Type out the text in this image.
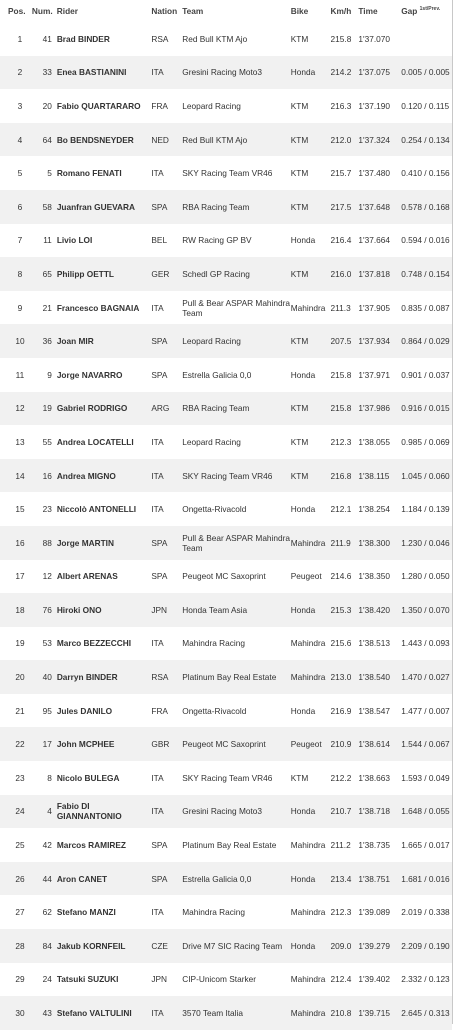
Pos. Num. Rider	Nation Team	Bike	Km/h Time	Gap $^{1st/Prev.}$
1	41 Brad BINDER	RSA	Red Bull KTM Ajo	KTM	215.8 1'37.070
2	33 Enea BASTIANINI	ITA	Gresini Racing Moto3	Honda	214.2 1'37.075	0.005 / 0.005
3	20 Fabio QUARTARARO	FRA	Leopard Racing	KTM	216.3 1'37.190	0.120 / 0.115
4	64 Bo BENDSNEYDER	NED	Red Bull KTM Ajo	KTM	212.0 1'37.324	0.254 / 0.134
5	5 Romano FENATI	ITA	SKY Racing Team VR46	KTM	215.7 1'37.480	0.410 / 0.156
6	58 Juanfran GUEVARA	SPA	RBA Racing Team	KTM	217.5 1'37.648	0.578 / 0.168
7	11 Livio LOI	BEL	RW Racing GP BV	Honda	216.4 1'37.664	0.594 / 0.016
8	65 Philipp OETTL	GER	Schedl GP Racing	KTM	216.0 1'37.818	0.748 / 0.154
9	21 Francesco BAGNAIA	ITA	Pull & Bear ASPAR Mahindra Team	Mahindra 211.3 1'37.905	0.835 / 0.087
10	36 Joan MIR	SPA	Leopard Racing	KTM	207.5 1'37.934	0.864 / 0.029
11	9 Jorge NAVARRO	SPA	Estrella Galicia 0,0	Honda	215.8 1'37.971	0.901 / 0.037
12	19 Gabriel RODRIGO	ARG	RBA Racing Team	KTM	215.8 1'37.986	0.916 / 0.015
13	55 Andrea LOCATELLI	ITA	Leopard Racing	KTM	212.3 1'38.055	0.985 / 0.069
14	16 Andrea MIGNO	ITA	SKY Racing Team VR46	KTM	216.8 1'38.115	1.045 / 0.060
15	23 Niccolò ANTONELLI	ITA	Ongetta-Rivacold	Honda	212.1 1'38.254	1.184 / 0.139
16	88 Jorge MARTIN	SPA	Pull & Bear ASPAR Mahindra Team	Mahindra 211.9 1'38.300	1.230 / 0.046
17	12 Albert ARENAS	SPA	Peugeot MC Saxoprint	Peugeot	214.6 1'38.350	1.280 / 0.050
18	76 Hiroki ONO	JPN	Honda Team Asia	Honda	215.3 1'38.420	1.350 / 0.070
19	53 Marco BEZZECCHI	ITA	Mahindra Racing	Mahindra 215.6 1'38.513	1.443 / 0.093
20	40 Darryn BINDER	RSA	Platinum Bay Real Estate	Mahindra 213.0 1'38.540	1.470 / 0.027
21	95 Jules DANILO	FRA	Ongetta-Rivacold	Honda	216.9 1'38.547	1.477 / 0.007
22	17 John MCPHEE	GBR	Peugeot MC Saxoprint	Peugeot	210.9 1'38.614	1.544 / 0.067
23	8 Nicolo BULEGA	ITA	SKY Racing Team VR46	KTM	212.2 1'38.663	1.593 / 0.049
24	4 Fabio DI GIANNANTONIO	ITA	Gresini Racing Moto3	Honda	210.7 1'38.718	1.648 / 0.055
25	42 Marcos RAMIREZ	SPA	Platinum Bay Real Estate	Mahindra 211.2 1'38.735	1.665 / 0.017
26	44 Aron CANET	SPA	Estrella Galicia 0,0	Honda	213.4 1'38.751	1.681 / 0.016
27	62 Stefano MANZI	ITA	Mahindra Racing	Mahindra 212.3 1'39.089	2.019 / 0.338
28	84 Jakub KORNFEIL	CZE	Drive M7 SIC Racing Team	Honda	209.0 1'39.279	2.209 / 0.190
29	24 Tatsuki SUZUKI	JPN	CIP-Unicom Starker	Mahindra 212.4 1'39.402	2.332 / 0.123
30	43 Stefano VALTULINI	ITA	3570 Team Italia	Mahindra 210.8 1'39.715	2.645 / 0.313
